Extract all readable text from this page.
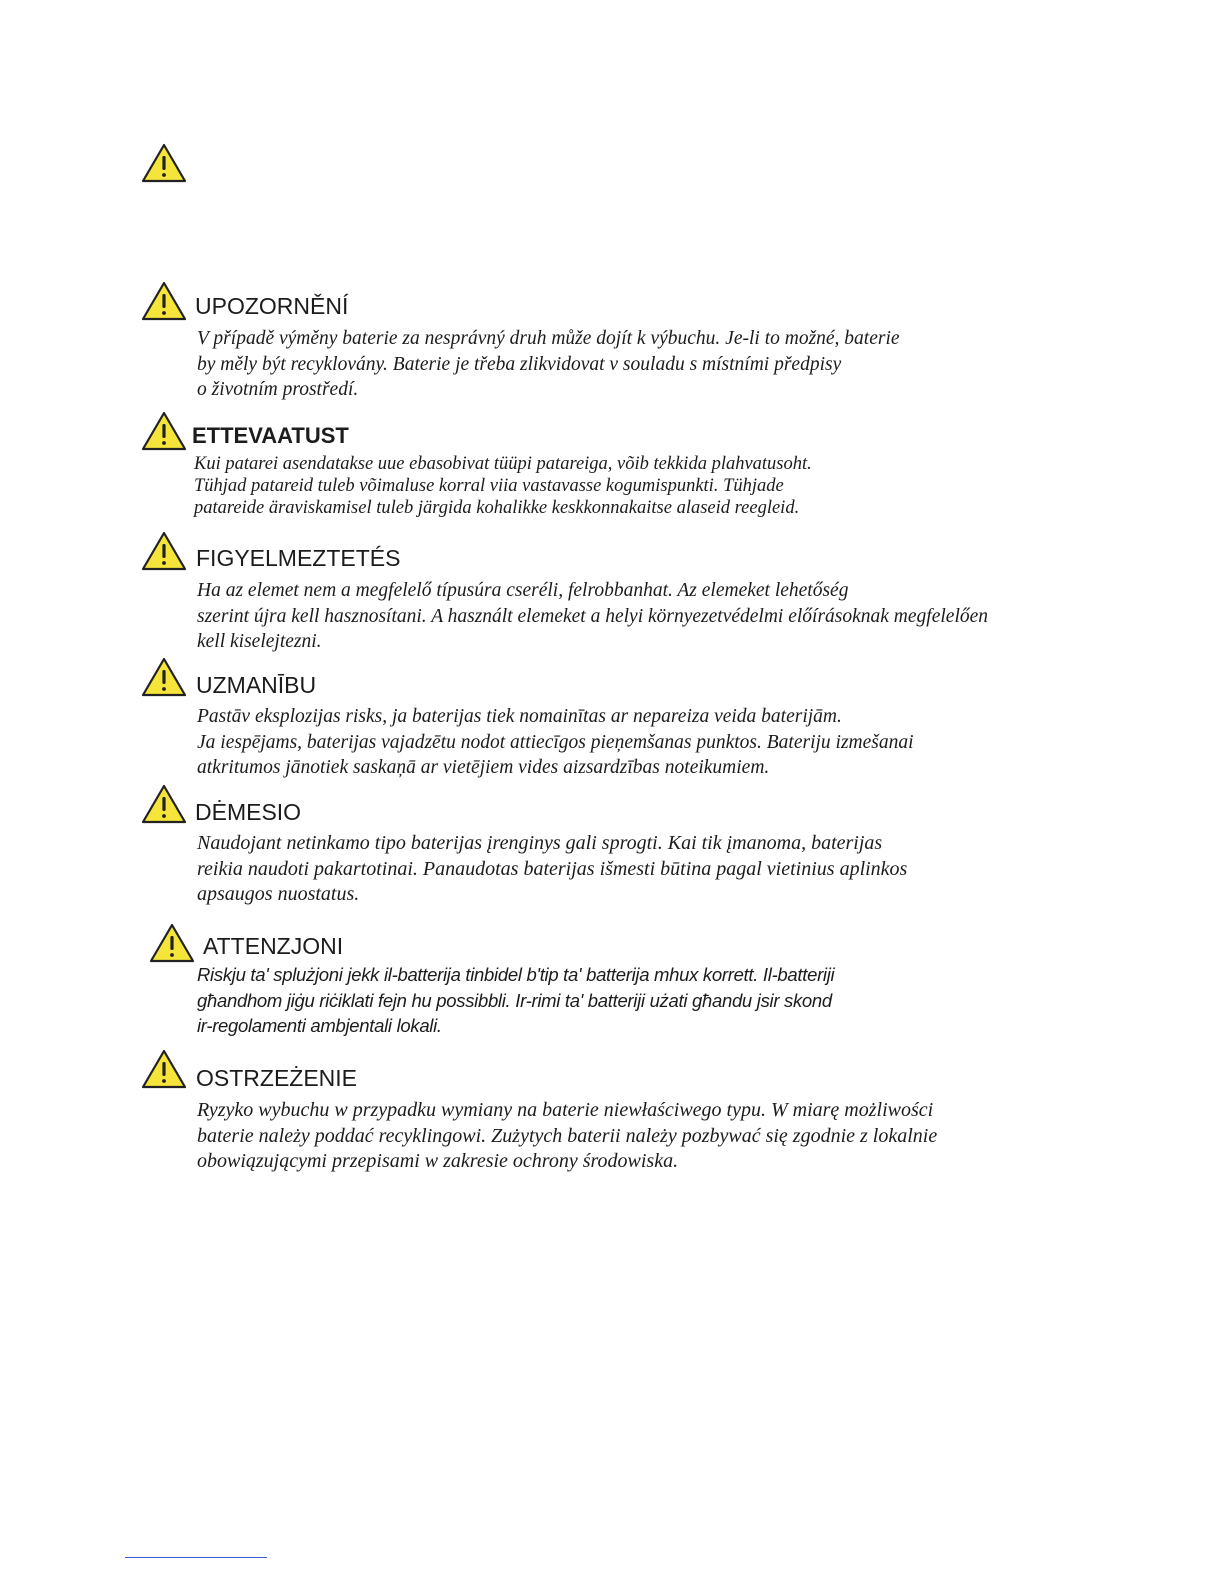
UPOZORNĚNÍ

V případě výměny baterie za nesprávný druh může dojít k výbuchu. Je-li to možné, baterie
by měly být recyklovány. Baterie je třeba zlikvidovat v souladu s místními předpisy
o životním prostředí.

ETTEVAATUST

Kui patarei asendatakse uue ebasobivat tüüpi patareiga, võib tekkida plahvatusoht.
Tühjad patareid tuleb võimaluse korral viia vastavasse kogumispunkti. Tühjade
patareide äraviskamisel tuleb järgida kohalikke keskkonnakaitse alaseid reegleid.

FIGYELMEZTETÉS

Ha az elemet nem a megfelelő típusúra cseréli, felrobbanhat. Az elemeket lehetőség
szerint újra kell hasznosítani. A használt elemeket a helyi környezetvédelmi előírásoknak megfelelően
kell kiselejtezni.

UZMANĪBU

Pastāv eksplozijas risks, ja baterijas tiek nomainītas ar nepareiza veida baterijām.
Ja iespējams, baterijas vajadzētu nodot attiecīgos pieņemšanas punktos. Bateriju izmešanai
atkritumos jānotiek saskaņā ar vietējiem vides aizsardzības noteikumiem.

DĖMESIO

Naudojant netinkamo tipo baterijas įrenginys gali sprogti. Kai tik įmanoma, baterijas
reikia naudoti pakartotinai. Panaudotas baterijas išmesti būtina pagal vietinius aplinkos
apsaugos nuostatus.

ATTENZJONI

Riskju ta' splużjoni jekk il-batterija tinbidel b'tip ta' batterija mhux korrett. Il-batteriji
għandhom jiġu riċiklati fejn hu possibbli. Ir-rimi ta' batteriji użati għandu jsir skond
ir-regolamenti ambjentali lokali.

OSTRZEŻENIE

Ryzyko wybuchu w przypadku wymiany na baterie niewłaściwego typu. W miarę możliwości
baterie należy poddać recyklingowi. Zużytych baterii należy pozbywać się zgodnie z lokalnie
obowiązującymi przepisami w zakresie ochrony środowiska.
